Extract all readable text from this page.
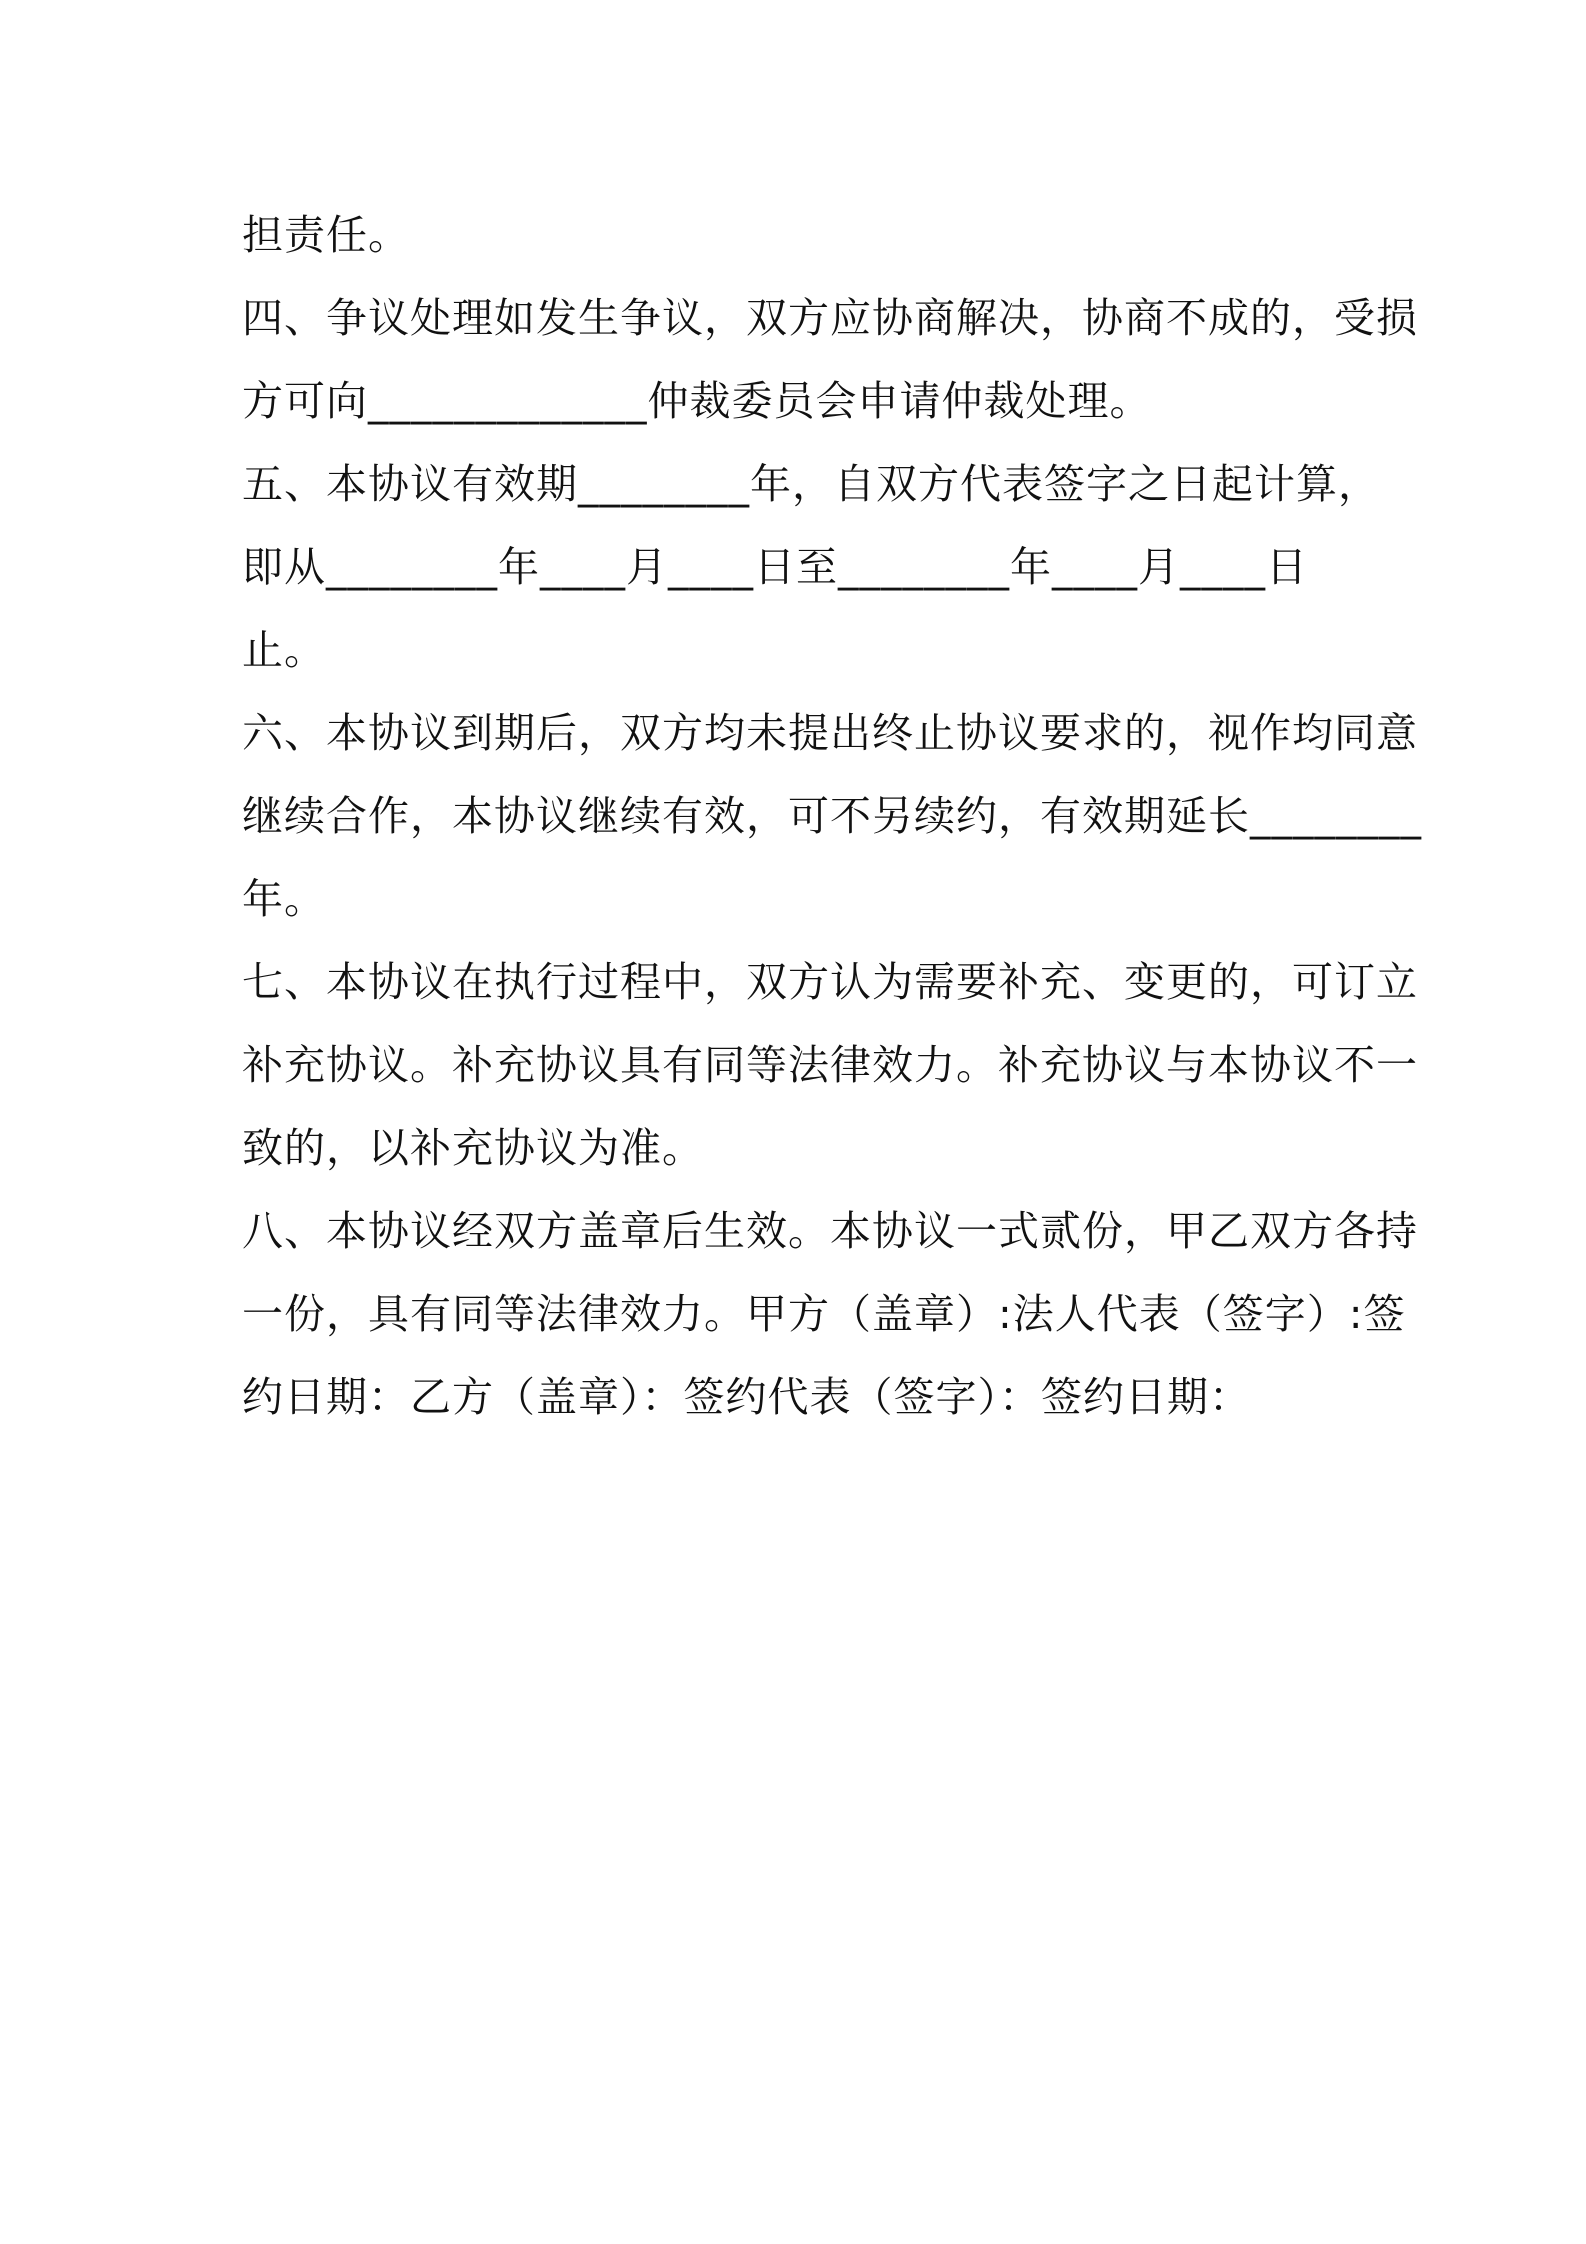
担责任。
四、争议处理如发生争议，双方应协商解决，协商不成的，受损
方可向_____________仲裁委员会申请仲裁处理。
五、本协议有效期________年，自双方代表签字之日起计算，
即从________年____月____日至________年____月____日
止。
六、本协议到期后，双方均未提出终止协议要求的，视作均同意
继续合作，本协议继续有效，可不另续约，有效期延长________
年。
七、本协议在执行过程中，双方认为需要补充、变更的，可订立
补充协议。补充协议具有同等法律效力。补充协议与本协议不一
致的，以补充协议为准。
八、本协议经双方盖章后生效。本协议一式贰份，甲乙双方各持
一份，具有同等法律效力。甲方（盖章）:法人代表（签字）:签
约日期：乙方（盖章）：签约代表（签字）：签约日期：
